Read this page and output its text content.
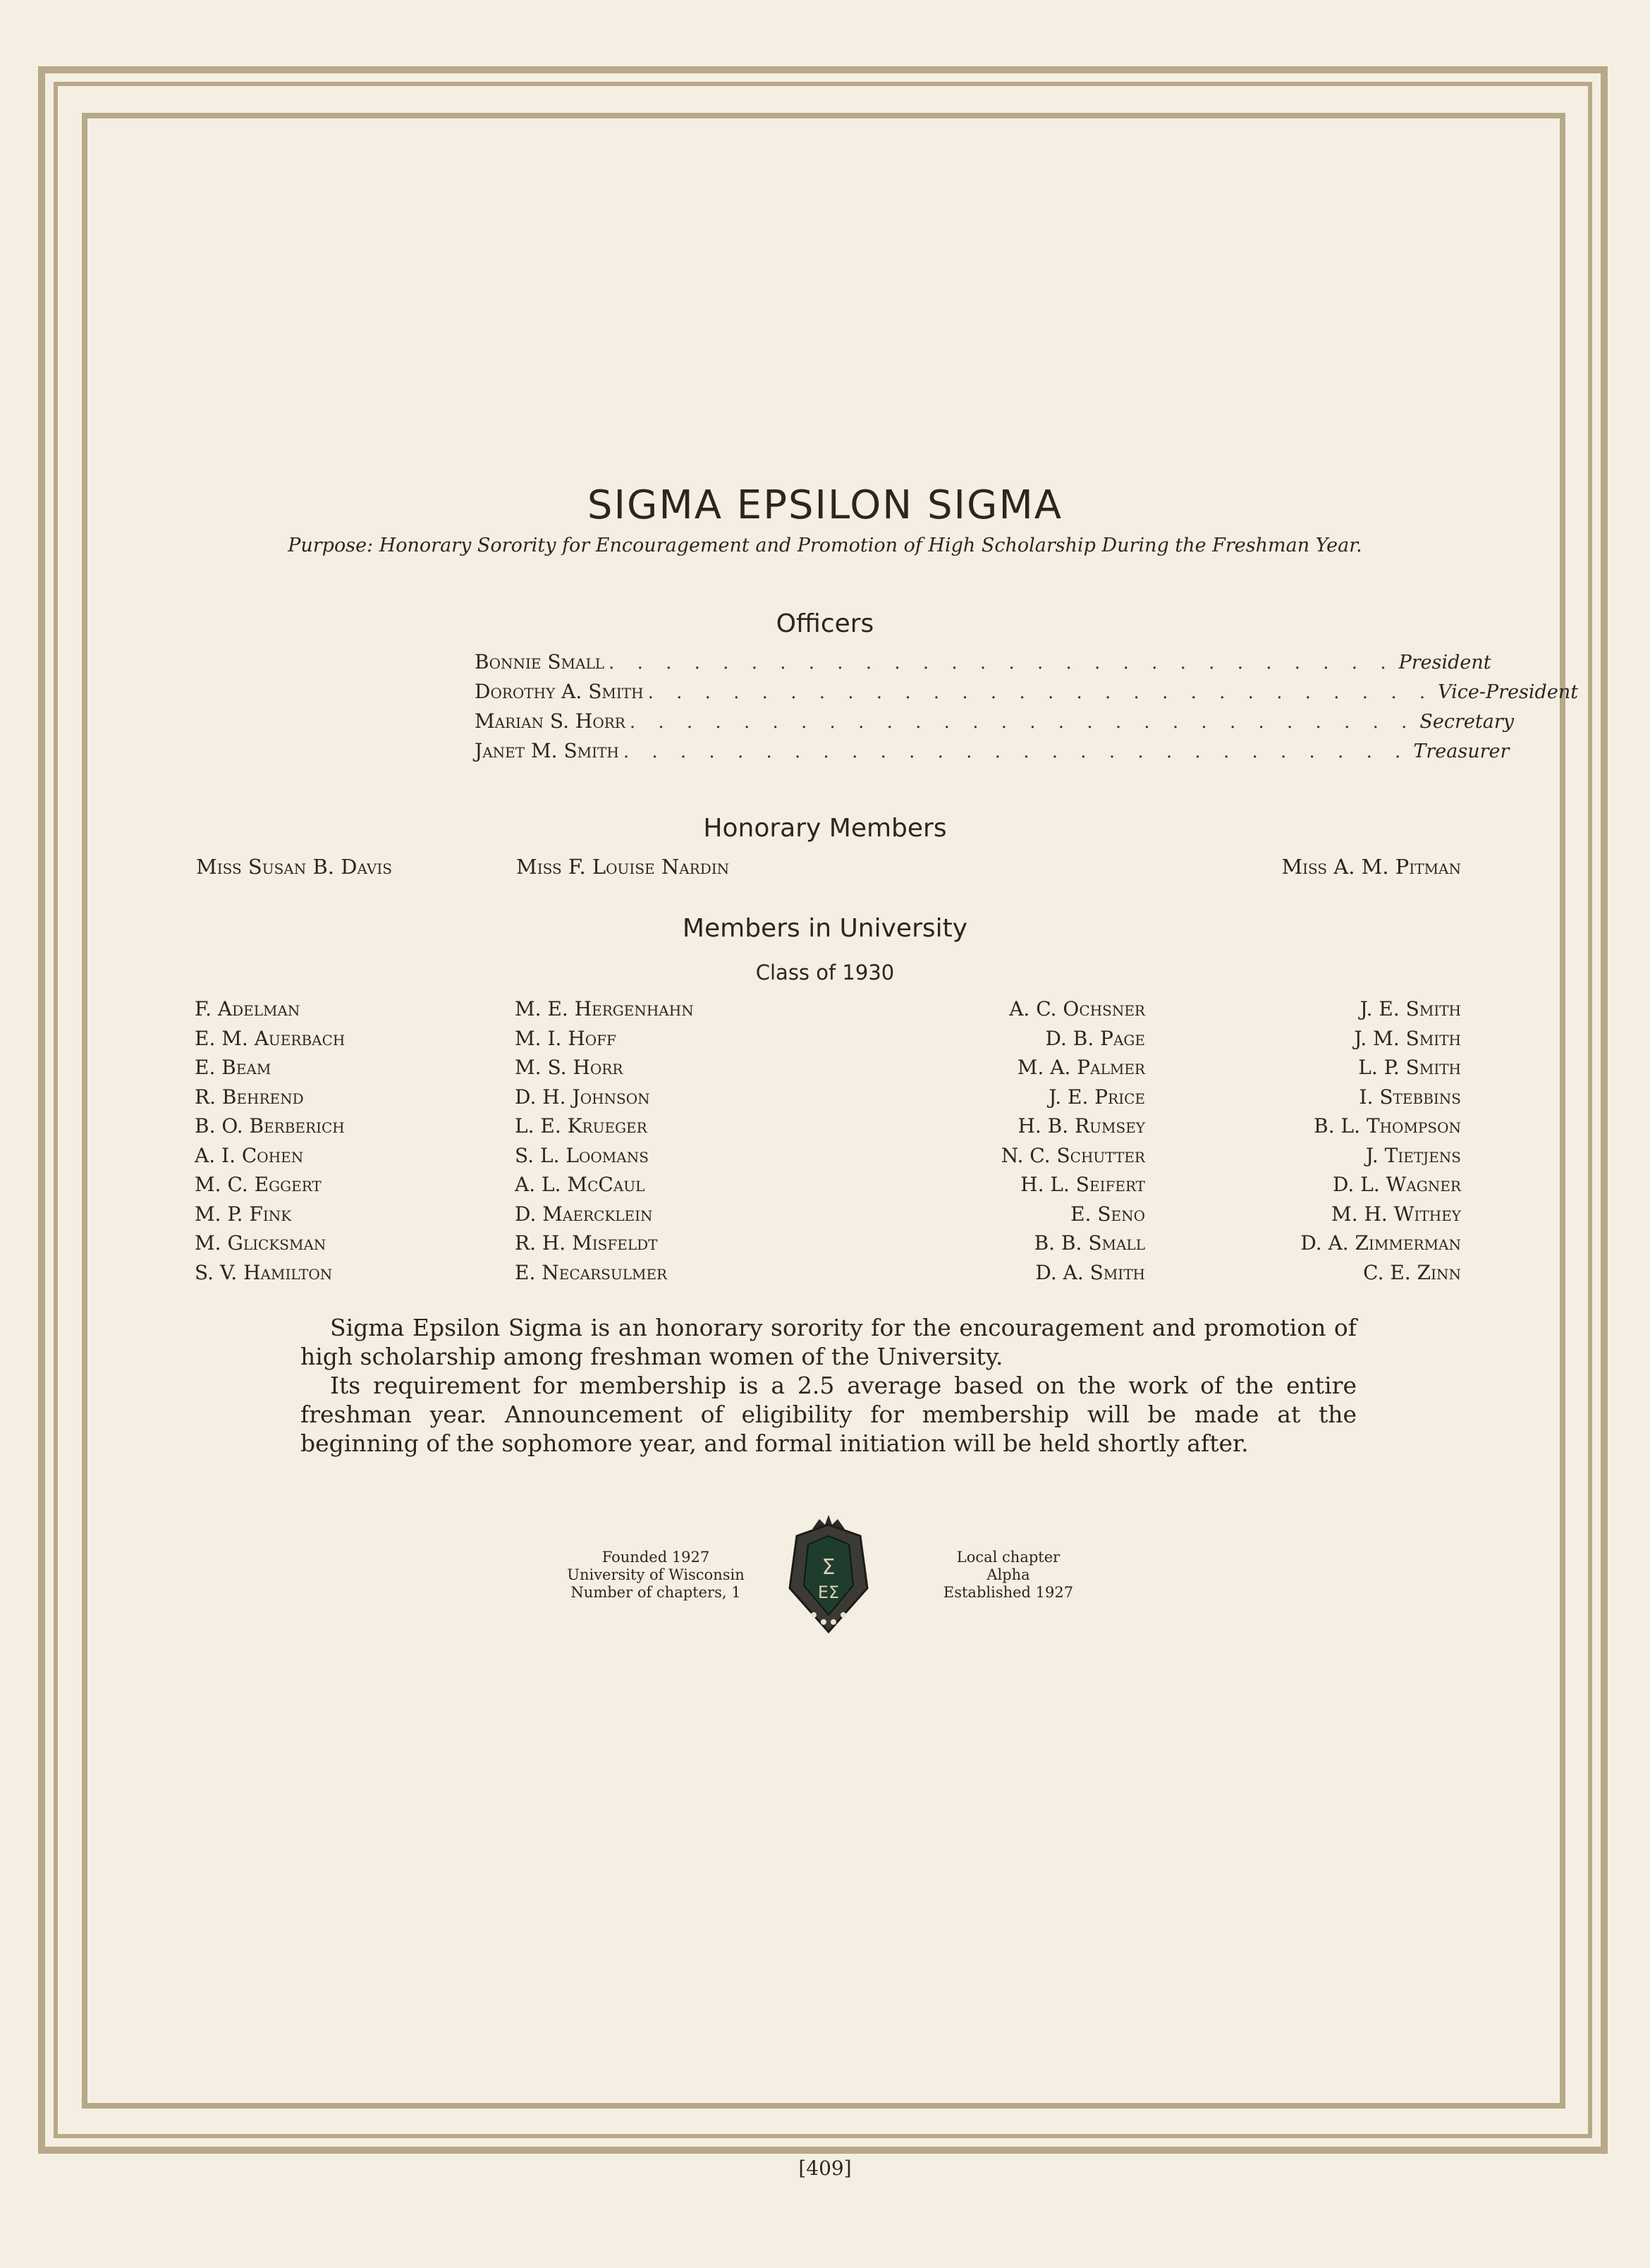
SIGMA EPSILON SIGMA
Purpose: Honorary Sorority for Encouragement and Promotion of High Scholarship During the Freshman Year.
Officers
Bonnie Small . . . . . . . . . . . . . . . . . . . . . . . . . . . . President
Dorothy A. Smith . . . . . . . . . . . . . . . . . . . . . . . . . . . . Vice-President
Marian S. Horr . . . . . . . . . . . . . . . . . . . . . . . . . . . . Secretary
Janet M. Smith . . . . . . . . . . . . . . . . . . . . . . . . . . . . Treasurer
Honorary Members
Miss Susan B. Davis	Miss F. Louise Nardin	Miss A. M. Pitman
Members in University
Class of 1930
F. Adelman
E. M. Auerbach
E. Beam
R. Behrend
B. O. Berberich
A. I. Cohen
M. C. Eggert
M. P. Fink
M. Glicksman
S. V. Hamilton
M. E. Hergenhahn
M. I. Hoff
M. S. Horr
D. H. Johnson
L. E. Krueger
S. L. Loomans
A. L. McCaul
D. Maercklein
R. H. Misfeldt
E. Necarsulmer
A. C. Ochsner
D. B. Page
M. A. Palmer
J. E. Price
H. B. Rumsey
N. C. Schutter
H. L. Seifert
E. Seno
B. B. Small
D. A. Smith
J. E. Smith
J. M. Smith
L. P. Smith
I. Stebbins
B. L. Thompson
J. Tietjens
D. L. Wagner
M. H. Withey
D. A. Zimmerman
C. E. Zinn

Sigma Epsilon Sigma is an honorary sorority for the encouragement and promotion of high scholarship among freshman women of the University.

Its requirement for membership is a 2.5 average based on the work of the entire freshman year. Announcement of eligibility for membership will be made at the beginning of the sophomore year, and formal initiation will be held shortly after.

Founded 1927
University of Wisconsin
Number of chapters, 1
Σ
ΕΣ
Local chapter
Alpha
Established 1927
[409]
